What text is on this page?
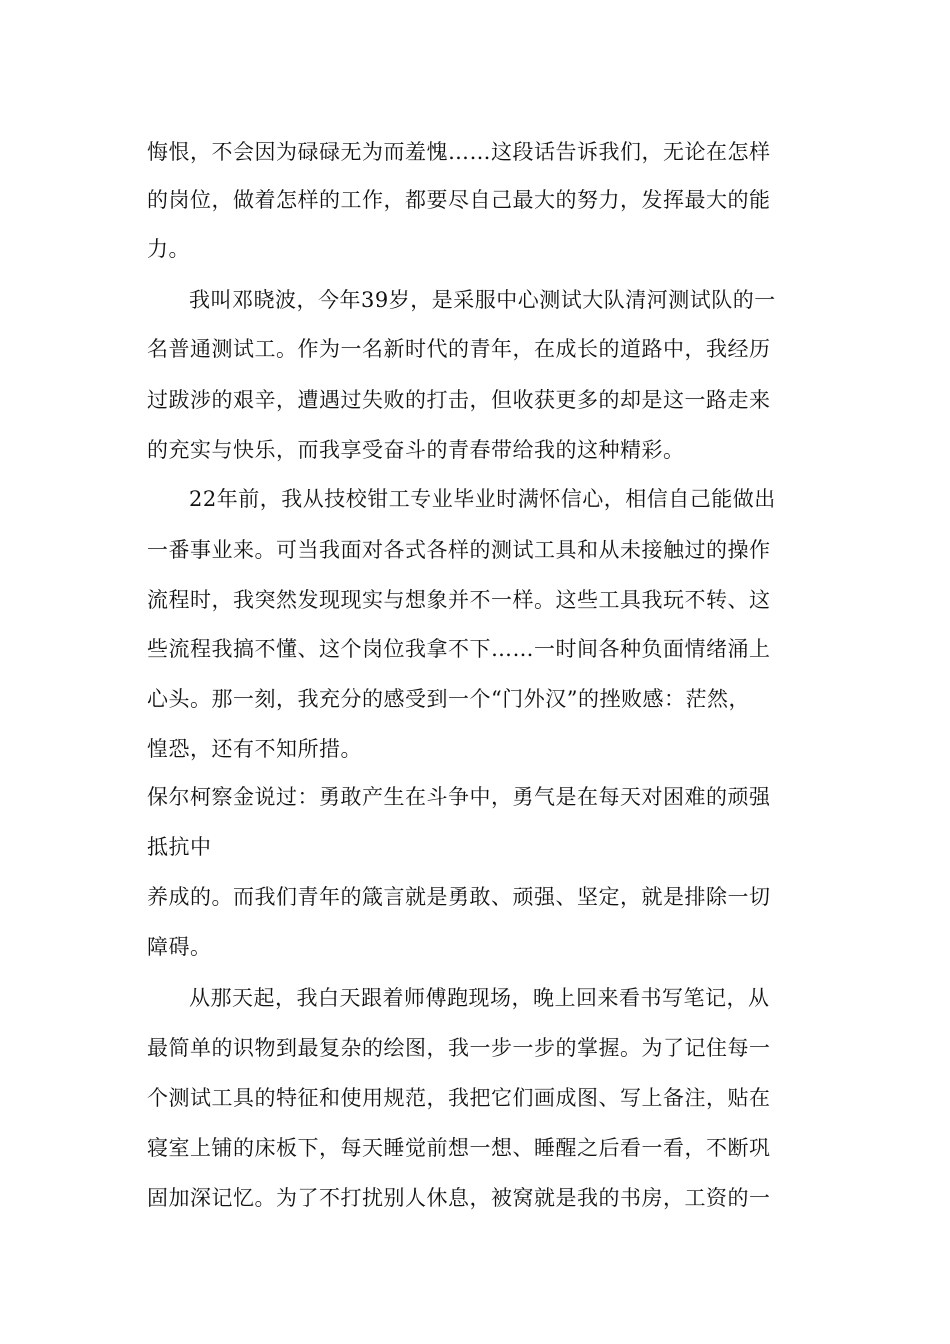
悔恨，不会因为碌碌无为而羞愧……这段话告诉我们，无论在怎样
的岗位，做着怎样的工作，都要尽自己最大的努力，发挥最大的能
力。
我叫邓晓波，今年39岁，是采服中心测试大队清河测试队的一
名普通测试工。作为一名新时代的青年，在成长的道路中，我经历
过跋涉的艰辛，遭遇过失败的打击，但收获更多的却是这一路走来
的充实与快乐，而我享受奋斗的青春带给我的这种精彩。
22年前，我从技校钳工专业毕业时满怀信心，相信自己能做出
一番事业来。可当我面对各式各样的测试工具和从未接触过的操作
流程时，我突然发现现实与想象并不一样。这些工具我玩不转、这
些流程我搞不懂、这个岗位我拿不下……一时间各种负面情绪涌上
心头。那一刻，我充分的感受到一个“门外汉”的挫败感：茫然，
惶恐，还有不知所措。
保尔柯察金说过：勇敢产生在斗争中，勇气是在每天对困难的顽强
抵抗中
养成的。而我们青年的箴言就是勇敢、顽强、坚定，就是排除一切
障碍。
从那天起，我白天跟着师傅跑现场，晚上回来看书写笔记，从
最简单的识物到最复杂的绘图，我一步一步的掌握。为了记住每一
个测试工具的特征和使用规范，我把它们画成图、写上备注，贴在
寝室上铺的床板下，每天睡觉前想一想、睡醒之后看一看，不断巩
固加深记忆。为了不打扰别人休息，被窝就是我的书房，工资的一
